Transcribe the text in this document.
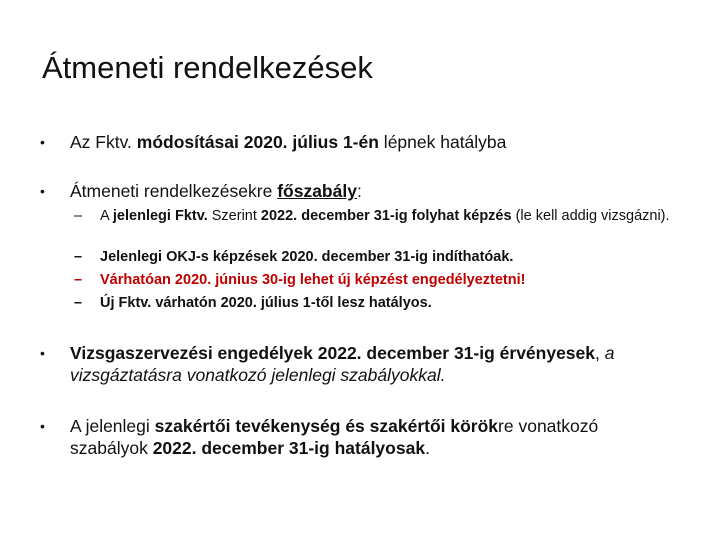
Átmeneti rendelkezések
• Az Fktv. módosításai 2020. július 1-én lépnek hatályba
• Átmeneti rendelkezésekre főszabály:
– A jelenlegi Fktv. Szerint 2022. december 31-ig folyhat képzés (le kell addig vizsgázni).
– Jelenlegi OKJ-s képzések 2020. december 31-ig indíthatóak.
– Várhatóan 2020. június 30-ig lehet új képzést engedélyeztetni!
– Új Fktv. várhatón 2020. július 1-től lesz hatályos.
• Vizsgaszervezési engedélyek 2022. december 31-ig érvényesek, a vizsgáztatásra vonatkozó jelenlegi szabályokkal.
• A jelenlegi szakértői tevékenység és szakértői körökre vonatkozó szabályok 2022. december 31-ig hatályosak.
